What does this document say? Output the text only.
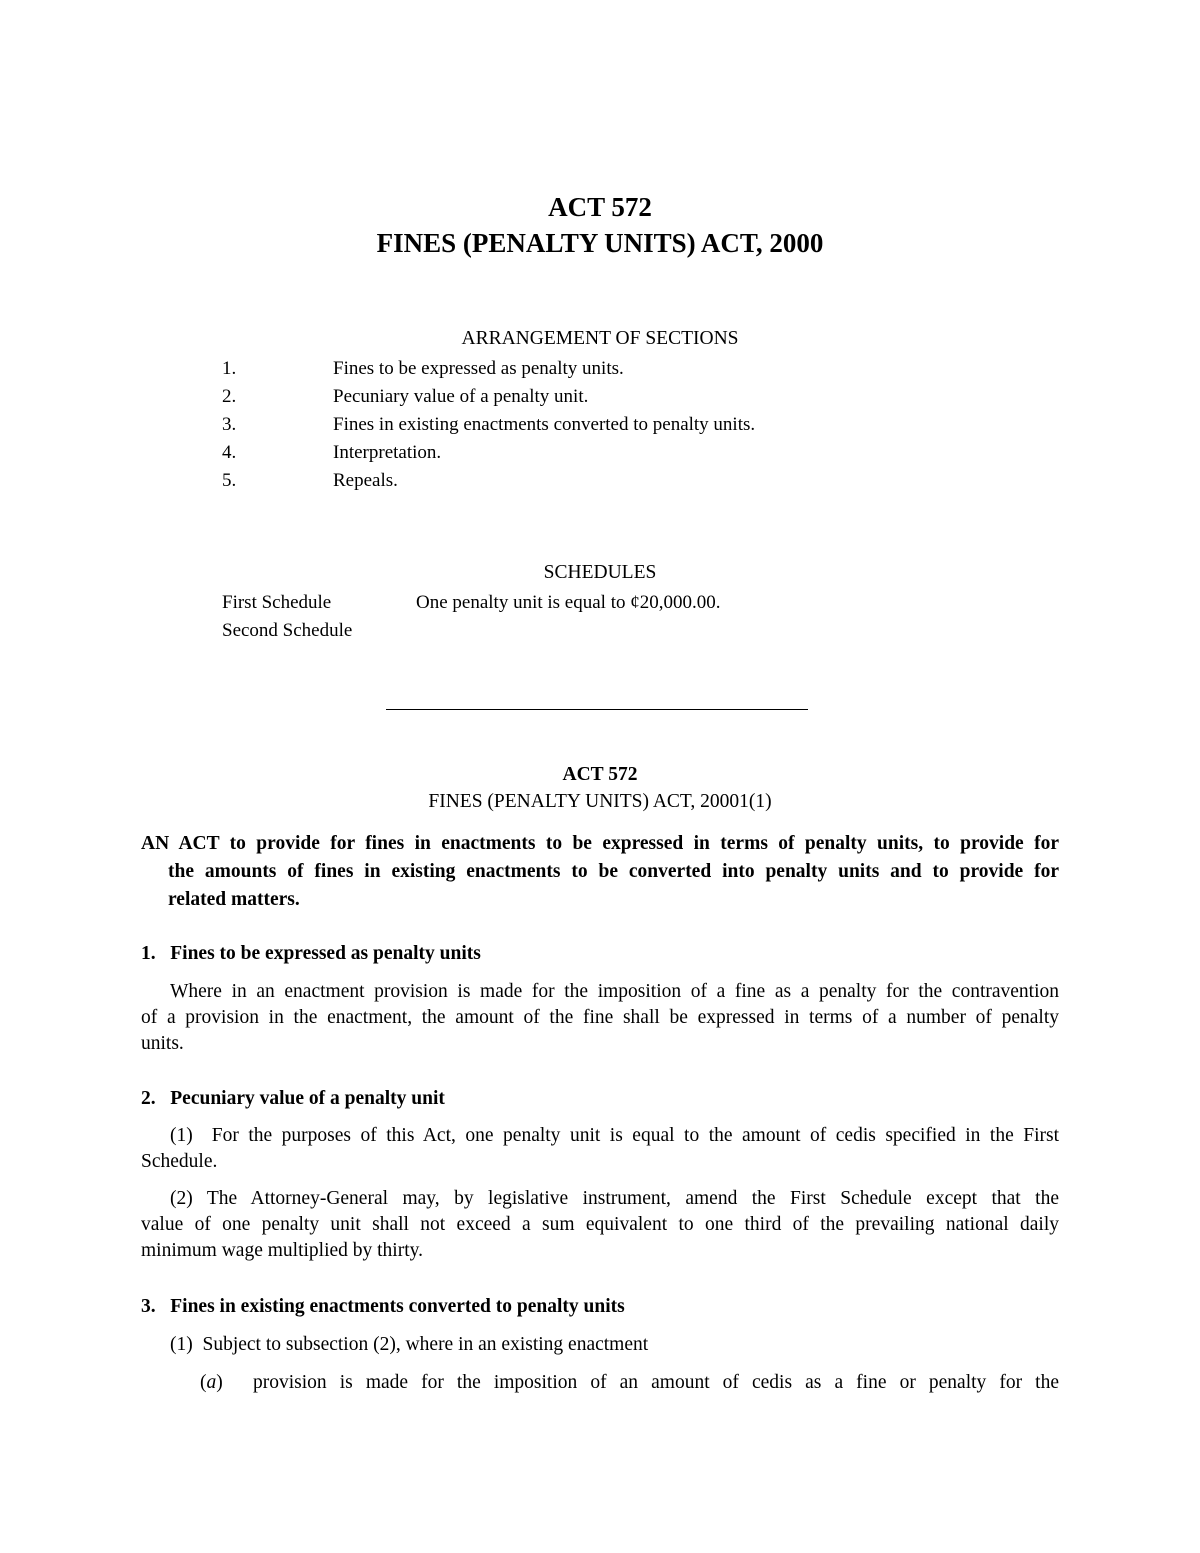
ACT 572
FINES (PENALTY UNITS) ACT, 2000
ARRANGEMENT OF SECTIONS
1.	Fines to be expressed as penalty units.
2.	Pecuniary value of a penalty unit.
3.	Fines in existing enactments converted to penalty units.
4.	Interpretation.
5.	Repeals.
SCHEDULES
First Schedule	One penalty unit is equal to ¢20,000.00.
Second Schedule
ACT 572
FINES (PENALTY UNITS) ACT, 20001(1)
AN ACT to provide for fines in enactments to be expressed in terms of penalty units, to provide for
the amounts of fines in existing enactments to be converted into penalty units and to provide for
related matters.
1.   Fines to be expressed as penalty units
Where in an enactment provision is made for the imposition of a fine as a penalty for the contravention
of a provision in the enactment, the amount of the fine shall be expressed in terms of a number of penalty
units.
2.   Pecuniary value of a penalty unit
(1)  For the purposes of this Act, one penalty unit is equal to the amount of cedis specified in the First
Schedule.
(2) The Attorney-General may, by legislative instrument, amend the First Schedule except that the
value of one penalty unit shall not exceed a sum equivalent to one third of the prevailing national daily
minimum wage multiplied by thirty.
3.   Fines in existing enactments converted to penalty units
(1)  Subject to subsection (2), where in an existing enactment
(a) provision is made for the imposition of an amount of cedis as a fine or penalty for the
